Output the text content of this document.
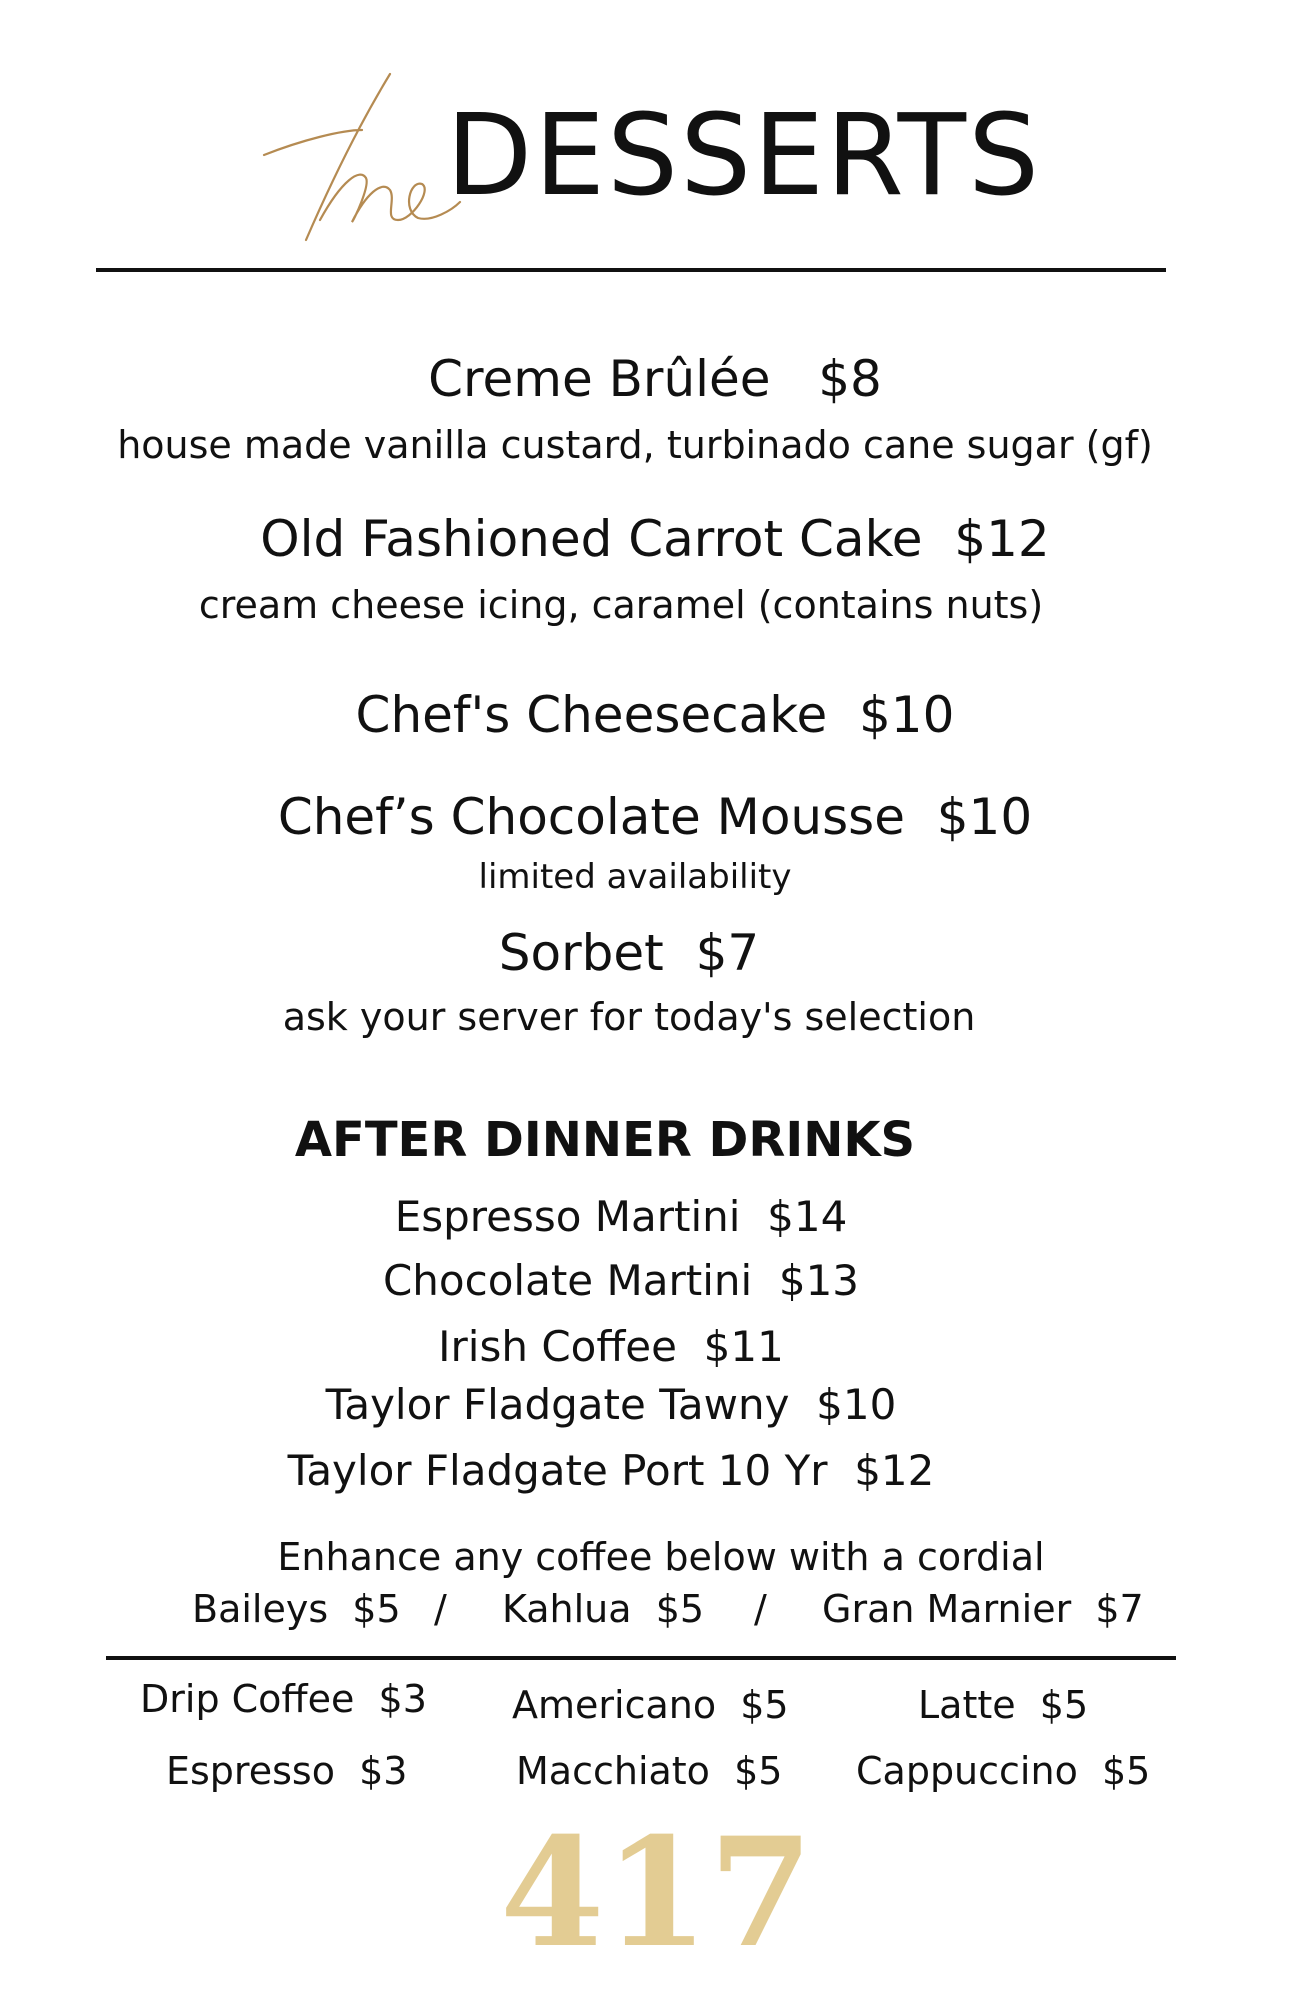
DESSERTS
Creme Brûlée   $8
house made vanilla custard, turbinado cane sugar (gf)
Old Fashioned Carrot Cake  $12
cream cheese icing, caramel (contains nuts)
Chef's Cheesecake  $10
Chef’s Chocolate Mousse  $10
limited availability
Sorbet  $7
ask your server for today's selection
AFTER DINNER DRINKS
Espresso Martini  $14
Chocolate Martini  $13
Irish Coffee  $11
Taylor Fladgate Tawny  $10
Taylor Fladgate Port 10 Yr  $12
Enhance any coffee below with a cordial
Baileys  $5 / Kahlua  $5 / Gran Marnier  $7
Drip Coffee  $3 Americano  $5	Latte  $5
Espresso  $3	Macchiato  $5 Cappuccino  $5
417
